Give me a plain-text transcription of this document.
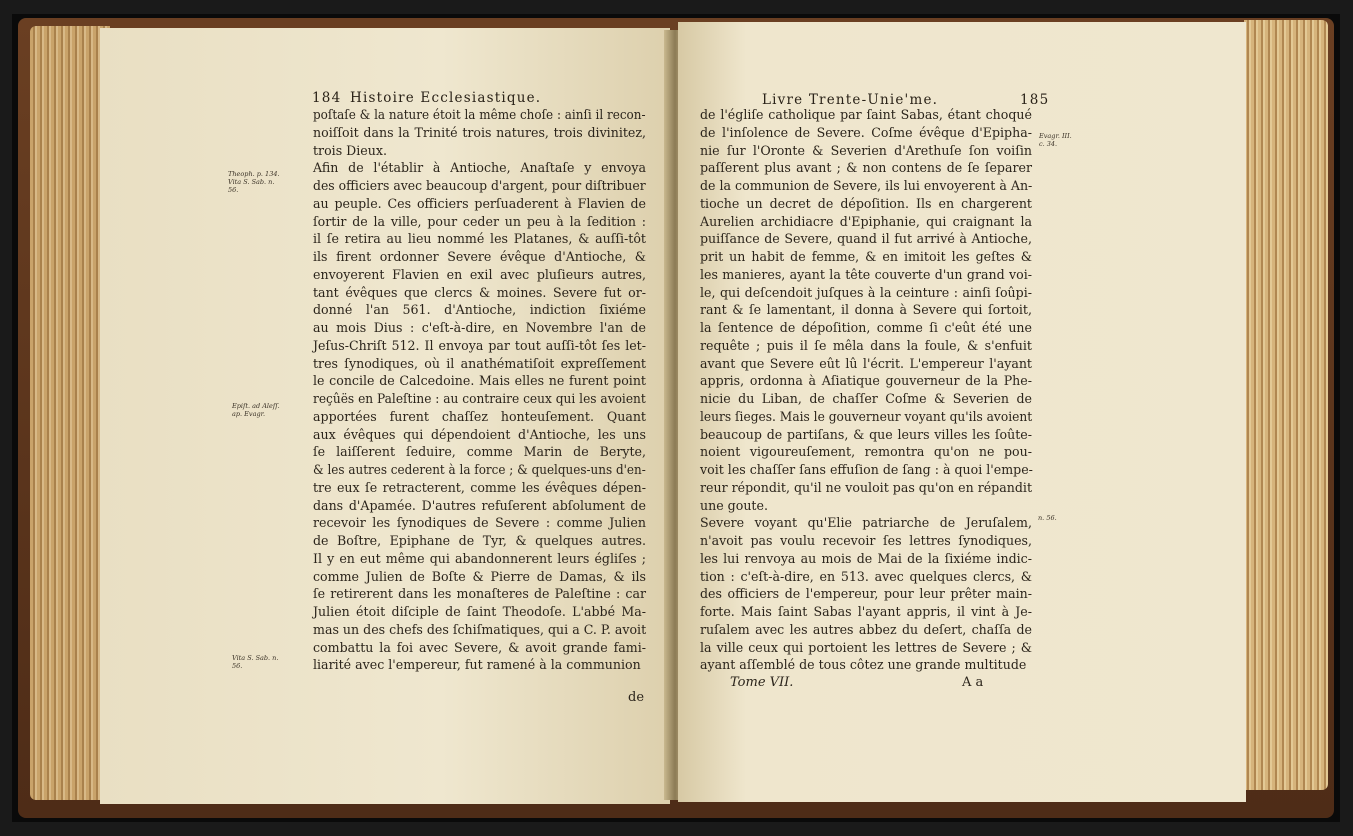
184 Histoire Ecclesiastique.
poſtaſe & la nature étoit la même choſe : ainſi il recon-
noiſſoit dans la Trinité trois natures, trois divinitez,
trois Dieux.
Afin de l'établir à Antioche, Anaſtaſe y envoya
des officiers avec beaucoup d'argent, pour diſtribuer
au peuple. Ces officiers perſuaderent à Flavien de
ſortir de la ville, pour ceder un peu à la ſedition :
il ſe retira au lieu nommé les Platanes, & auſſi-tôt
ils firent ordonner Severe évêque d'Antioche, &
envoyerent Flavien en exil avec pluſieurs autres,
tant évêques que clercs & moines. Severe fut or-
donné l'an 561. d'Antioche, indiction ſixiéme
au mois Dius : c'eſt-à-dire, en Novembre l'an de
Jeſus-Chriſt 512. Il envoya par tout auſſi-tôt ſes let-
tres ſynodiques, où il anathématiſoit expreſſement
le concile de Calcedoine. Mais elles ne furent point
reçûës en Paleſtine : au contraire ceux qui les avoient
apportées furent chaſſez honteuſement. Quant
aux évêques qui dépendoient d'Antioche, les uns
ſe laiſſerent ſeduire, comme Marin de Beryte,
& les autres cederent à la force ; & quelques-uns d'en-
tre eux ſe retracterent, comme les évêques dépen-
dans d'Apamée. D'autres refuſerent abſolument de
recevoir les ſynodiques de Severe : comme Julien
de Boſtre, Epiphane de Tyr, & quelques autres.
Il y en eut même qui abandonnerent leurs égliſes ;
comme Julien de Boſte & Pierre de Damas, & ils
ſe retirerent dans les monaſteres de Paleſtine : car
Julien étoit diſciple de ſaint Theodoſe. L'abbé Ma-
mas un des chefs des ſchiſmatiques, qui a C. P. avoit
combattu la foi avec Severe, & avoit grande fami-
liarité avec l'empereur, fut ramené à la communion
de
Theoph. p. 134.
Vita S. Sab. n.
56.
Epiſt. ad Aleſſ.
ap. Evagr.
Vita S. Sab. n.
56.
Livre Trente-Unie'me.	185
de l'égliſe catholique par ſaint Sabas, étant choqué
de l'inſolence de Severe. Coſme évêque d'Epipha-
nie ſur l'Oronte & Severien d'Arethuſe ſon voiſin
paſſerent plus avant ; & non contens de ſe ſeparer
de la communion de Severe, ils lui envoyerent à An-
tioche un decret de dépoſition. Ils en chargerent
Aurelien archidiacre d'Epiphanie, qui craignant la
puiſſance de Severe, quand il fut arrivé à Antioche,
prit un habit de femme, & en imitoit les geſtes &
les manieres, ayant la tête couverte d'un grand voi-
le, qui deſcendoit juſques à la ceinture : ainſi ſoûpi-
rant & ſe lamentant, il donna à Severe qui ſortoit,
la ſentence de dépoſition, comme ſi c'eût été une
requête ; puis il ſe mêla dans la foule, & s'enfuit
avant que Severe eût lû l'écrit. L'empereur l'ayant
appris, ordonna à Aſiatique gouverneur de la Phe-
nicie du Liban, de chaſſer Coſme & Severien de
leurs ſieges. Mais le gouverneur voyant qu'ils avoient
beaucoup de partiſans, & que leurs villes les ſoûte-
noient vigoureuſement, remontra qu'on ne pou-
voit les chaſſer ſans effuſion de ſang : à quoi l'empe-
reur répondit, qu'il ne vouloit pas qu'on en répandit
une goute.
Severe voyant qu'Elie patriarche de Jeruſalem,
n'avoit pas voulu recevoir ſes lettres ſynodiques,
les lui renvoya au mois de Mai de la ſixiéme indic-
tion : c'eſt-à-dire, en 513. avec quelques clercs, &
des officiers de l'empereur, pour leur prêter main-
forte. Mais ſaint Sabas l'ayant appris, il vint à Je-
ruſalem avec les autres abbez du deſert, chaſſa de
la ville ceux qui portoient les lettres de Severe ; &
ayant aſſemblé de tous côtez une grande multitude
Tome VII.	A a
Evagr. III.
c. 34.
n. 56.
